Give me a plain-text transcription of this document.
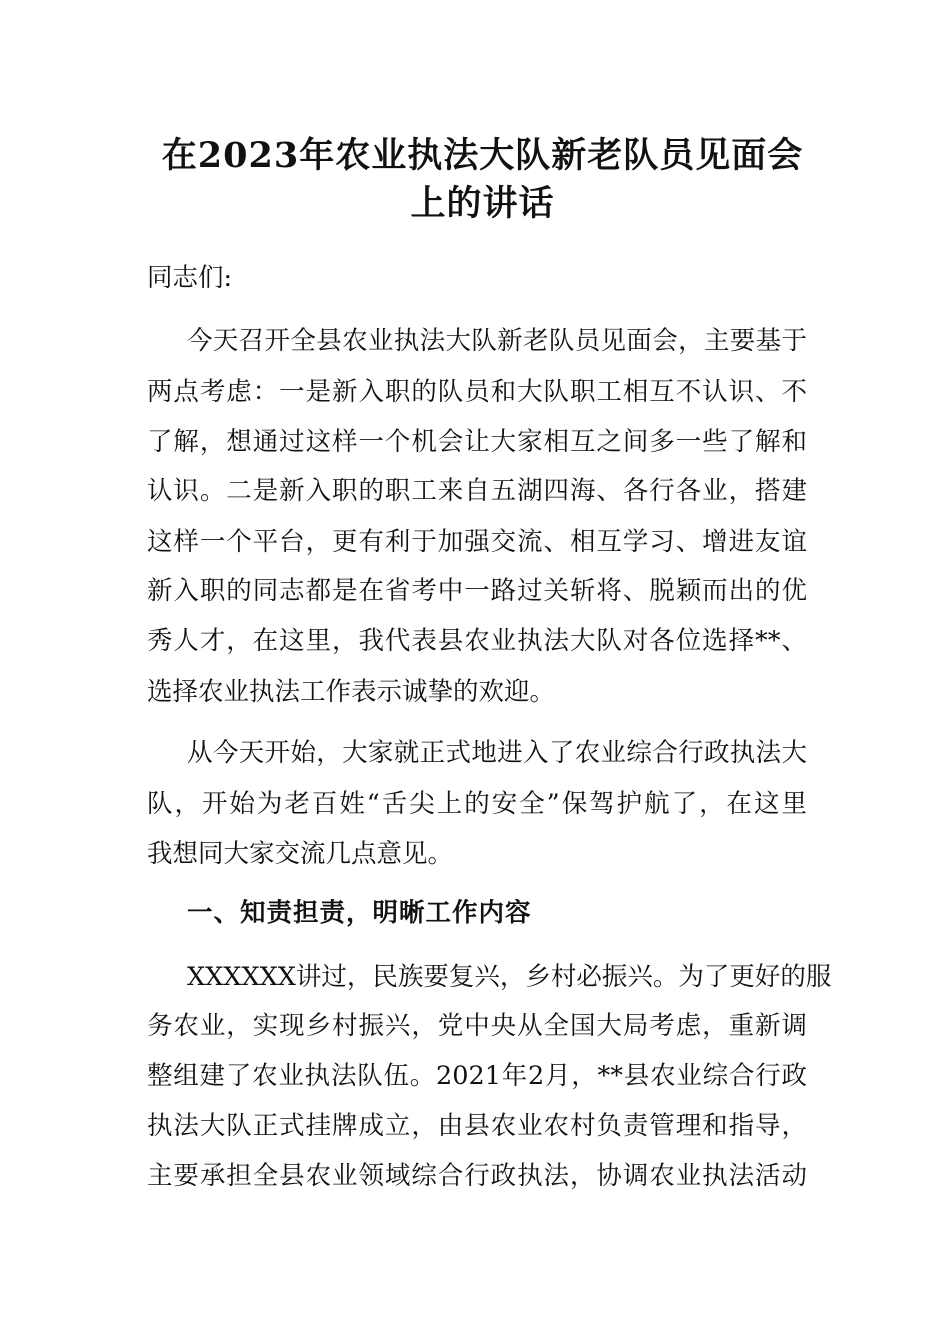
在2023年农业执法大队新老队员见面会
上的讲话
同志们:
今天召开全县农业执法大队新老队员见面会，主要基于
两点考虑：一是新入职的队员和大队职工相互不认识、不
了解，想通过这样一个机会让大家相互之间多一些了解和
认识。二是新入职的职工来自五湖四海、各行各业，搭建
这样一个平台，更有利于加强交流、相互学习、增进友谊
新入职的同志都是在省考中一路过关斩将、脱颖而出的优
秀人才，在这里，我代表县农业执法大队对各位选择**、
选择农业执法工作表示诚挚的欢迎。
从今天开始，大家就正式地进入了农业综合行政执法大
队，开始为老百姓“舌尖上的安全”保驾护航了，在这里
我想同大家交流几点意见。
一、知责担责，明晰工作内容
XXXXXX讲过，民族要复兴，乡村必振兴。为了更好的服
务农业，实现乡村振兴，党中央从全国大局考虑，重新调
整组建了农业执法队伍。2021年2月，**县农业综合行政
执法大队正式挂牌成立，由县农业农村负责管理和指导，
主要承担全县农业领域综合行政执法，协调农业执法活动
